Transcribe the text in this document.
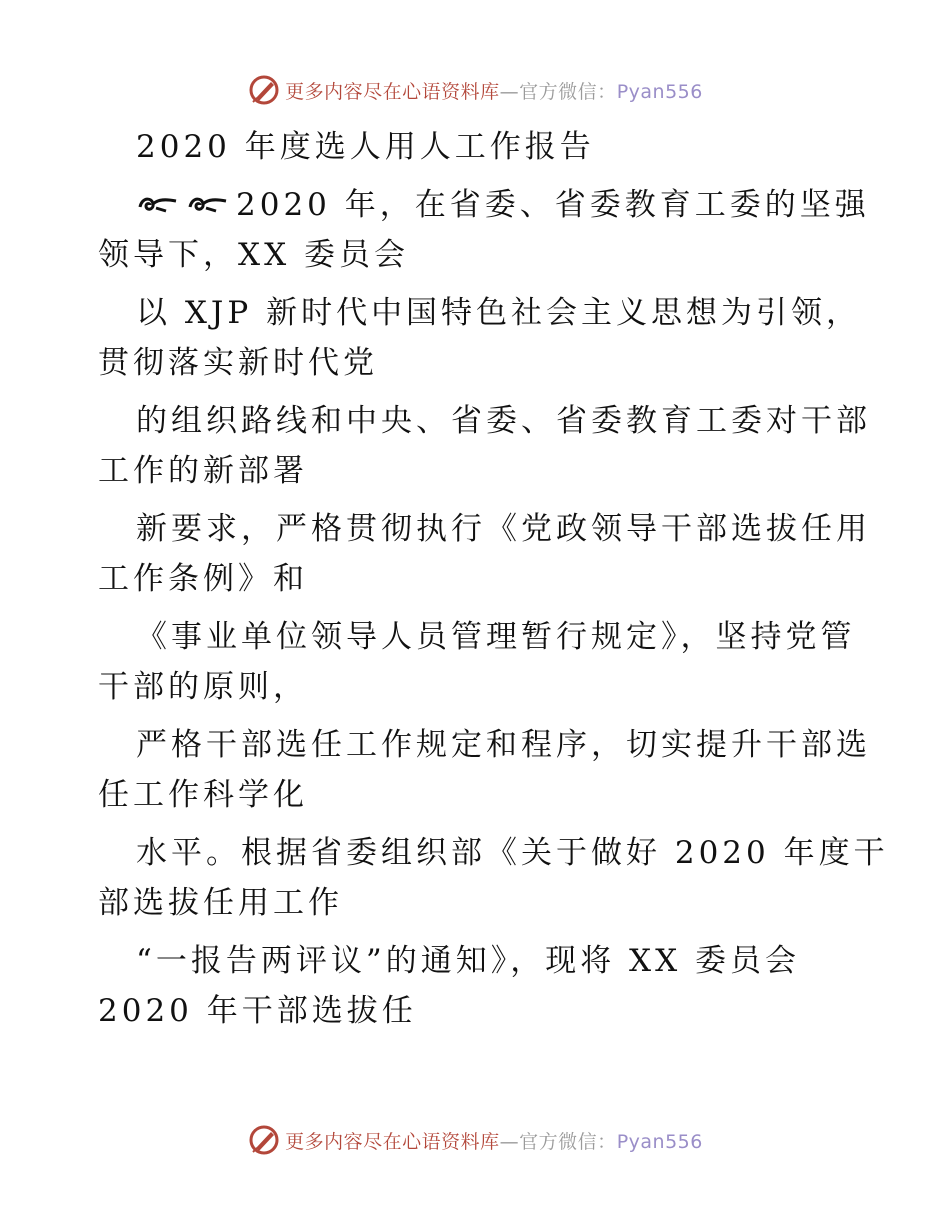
更多内容尽在心语资料库—官方微信：Pyan556
2020 年度选人用人工作报告
2020 年，在省委、省委教育工委的坚强
领导下，XX 委员会
以 XJP 新时代中国特色社会主义思想为引领，
贯彻落实新时代党
的组织路线和中央、省委、省委教育工委对干部
工作的新部署
新要求，严格贯彻执行《党政领导干部选拔任用
工作条例》和
《事业单位领导人员管理暂行规定》，坚持党管
干部的原则，
严格干部选任工作规定和程序，切实提升干部选
任工作科学化
水平。根据省委组织部《关于做好 2020 年度干
部选拔任用工作
“一报告两评议”的通知》，现将 XX 委员会
2020 年干部选拔任
更多内容尽在心语资料库—官方微信：Pyan556
